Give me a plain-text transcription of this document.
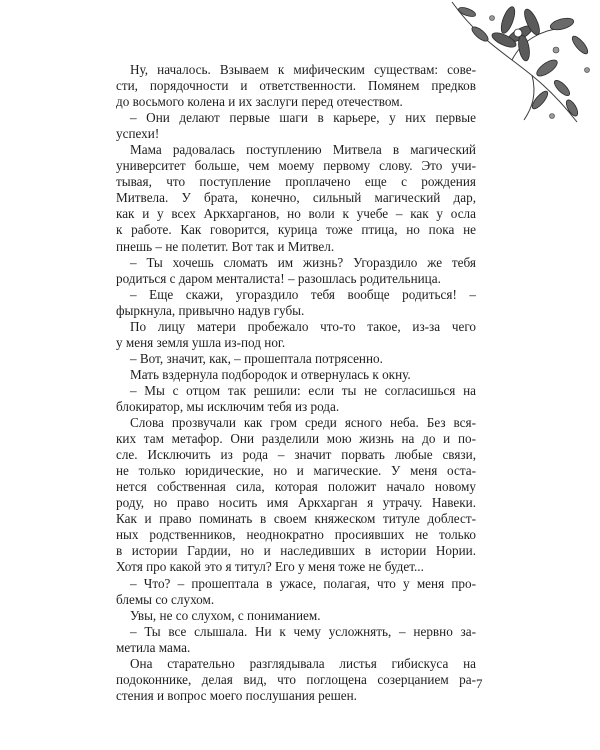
Ну, началось. Взываем к мифическим существам: сове-
сти, порядочности и ответственности. Помянем предков
до восьмого колена и их заслуги перед отечеством.
– Они делают первые шаги в карьере, у них первые
успехи!
Мама радовалась поступлению Митвела в магический
университет больше, чем моему первому слову. Это учи-
тывая, что поступление проплачено еще с рождения
Митвела. У брата, конечно, сильный магический дар,
как и у всех Аркхарганов, но воли к учебе – как у осла
к работе. Как говорится, курица тоже птица, но пока не
пнешь – не полетит. Вот так и Митвел.
– Ты хочешь сломать им жизнь? Угораздило же тебя
родиться с даром менталиста! – разошлась родительница.
– Еще скажи, угораздило тебя вообще родиться! –
фыркнула, привычно надув губы.
По лицу матери пробежало что-то такое, из-за чего
у меня земля ушла из-под ног.
– Вот, значит, как, – прошептала потрясенно.
Мать вздернула подбородок и отвернулась к окну.
– Мы с отцом так решили: если ты не согласишься на
блокиратор, мы исключим тебя из рода.
Слова прозвучали как гром среди ясного неба. Без вся-
ких там метафор. Они разделили мою жизнь на до и по-
сле. Исключить из рода – значит порвать любые связи,
не только юридические, но и магические. У меня оста-
нется собственная сила, которая положит начало новому
роду, но право носить имя Аркхарган я утрачу. Навеки.
Как и право поминать в своем княжеском титуле доблест-
ных родственников, неоднократно просиявших не только
в истории Гардии, но и наследивших в истории Нории.
Хотя про какой это я титул? Его у меня тоже не будет...
– Что? – прошептала в ужасе, полагая, что у меня про-
блемы со слухом.
Увы, не со слухом, с пониманием.
– Ты все слышала. Ни к чему усложнять, – нервно за-
метила мама.
Она старательно разглядывала листья гибискуса на
подоконнике, делая вид, что поглощена созерцанием ра-
стения и вопрос моего послушания решен.
7
